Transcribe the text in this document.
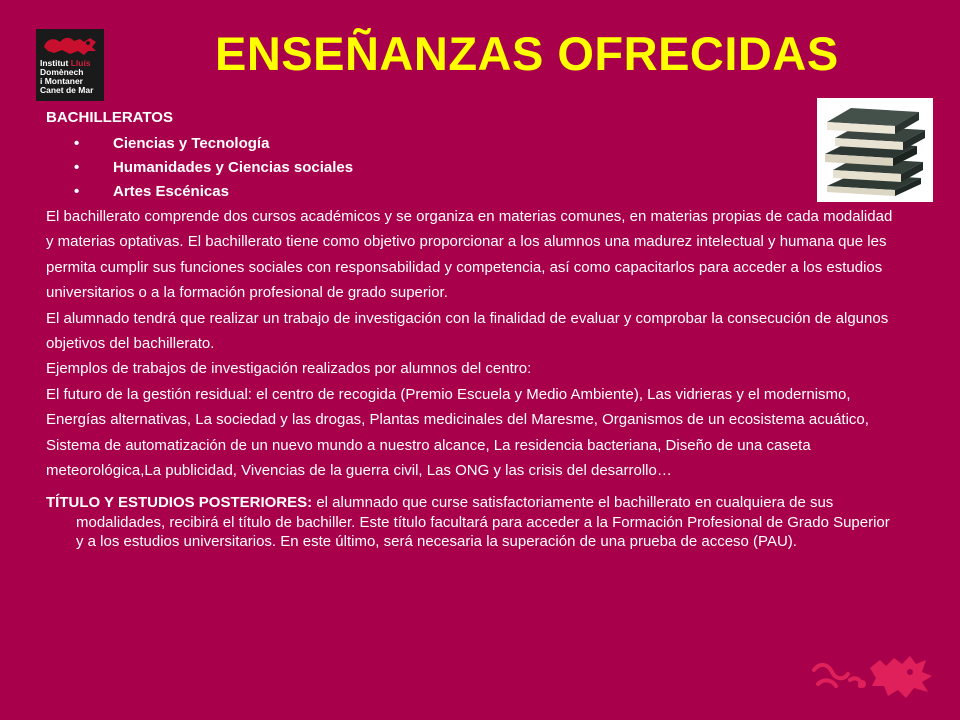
Institut Lluís
Domènech
i Montaner
Canet de Mar
ENSEÑANZAS OFRECIDAS
BACHILLERATOS
• Ciencias y Tecnología
• Humanidades y Ciencias sociales
• Artes Escénicas

El bachillerato comprende dos cursos académicos y se organiza en materias comunes, en materias propias de cada modalidad y materias optativas. El bachillerato tiene como objetivo proporcionar a los alumnos una madurez intelectual y humana que les permita cumplir sus funciones sociales con responsabilidad y competencia, así como capacitarlos para acceder a los estudios universitarios o a la formación profesional de grado superior.

El alumnado tendrá que realizar un trabajo de investigación con la finalidad de evaluar y comprobar la consecución de algunos objetivos del bachillerato.

Ejemplos de trabajos de investigación realizados por alumnos del centro:

El futuro de la gestión residual: el centro de recogida (Premio Escuela y Medio Ambiente), Las vidrieras y el modernismo, Energías alternativas, La sociedad y las drogas, Plantas medicinales del Maresme, Organismos de un ecosistema acuático, Sistema de automatización de un nuevo mundo a nuestro alcance, La residencia bacteriana, Diseño de una caseta meteorológica,La publicidad, Vivencias de la guerra civil, Las ONG y las crisis del desarrollo…

TÍTULO Y ESTUDIOS POSTERIORES: el alumnado que curse satisfactoriamente el bachillerato en cualquiera de sus modalidades, recibirá el título de bachiller. Este título facultará para acceder a la Formación Profesional de Grado Superior y a los estudios universitarios. En este último, será necesaria la superación de una prueba de acceso (PAU).
